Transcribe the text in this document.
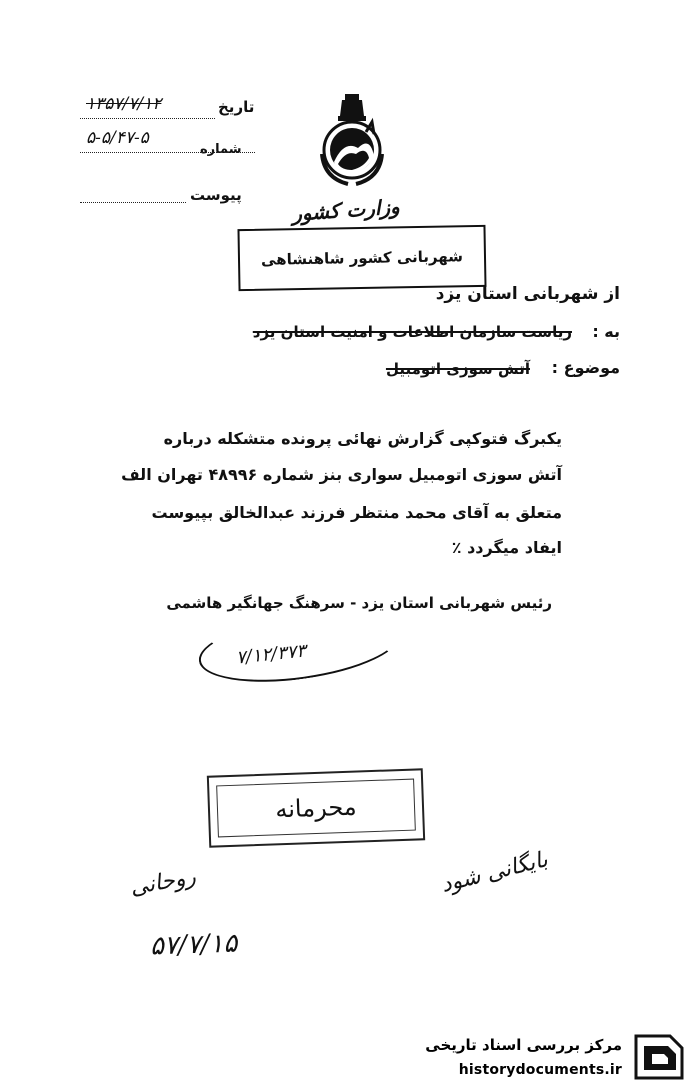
تاریخ
۱۳۵۷/۷/۱۲
۵-۵/۴۷-۵
شماره
پیوست وزارت کشور
شهربانی کشور شاهنشاهی
از شهربانی استان یزد
به :
ریاست سازمان اطلاعات و امنیت استان یزد
موضوع :
آتش سوزی اتومبیل
یکبرگ فتوکپی گزارش نهائی پرونده متشکله درباره
آتش سوزی اتومبیل سواری بنز شماره ۴۸۹۹۶ تهران الف
متعلق به آقای محمد منتظر فرزند عبدالخالق بپیوست
ایفاد میگردد ٪
رئیس شهربانی استان یزد - سرهنگ جهانگیر هاشمی
۷/۱۲/۳۷۳
محرمانه
بایگانی شود
روحانی
۵۷/۷/۱۵
مرکز بررسی اسناد تاریخی
historydocuments.ir
